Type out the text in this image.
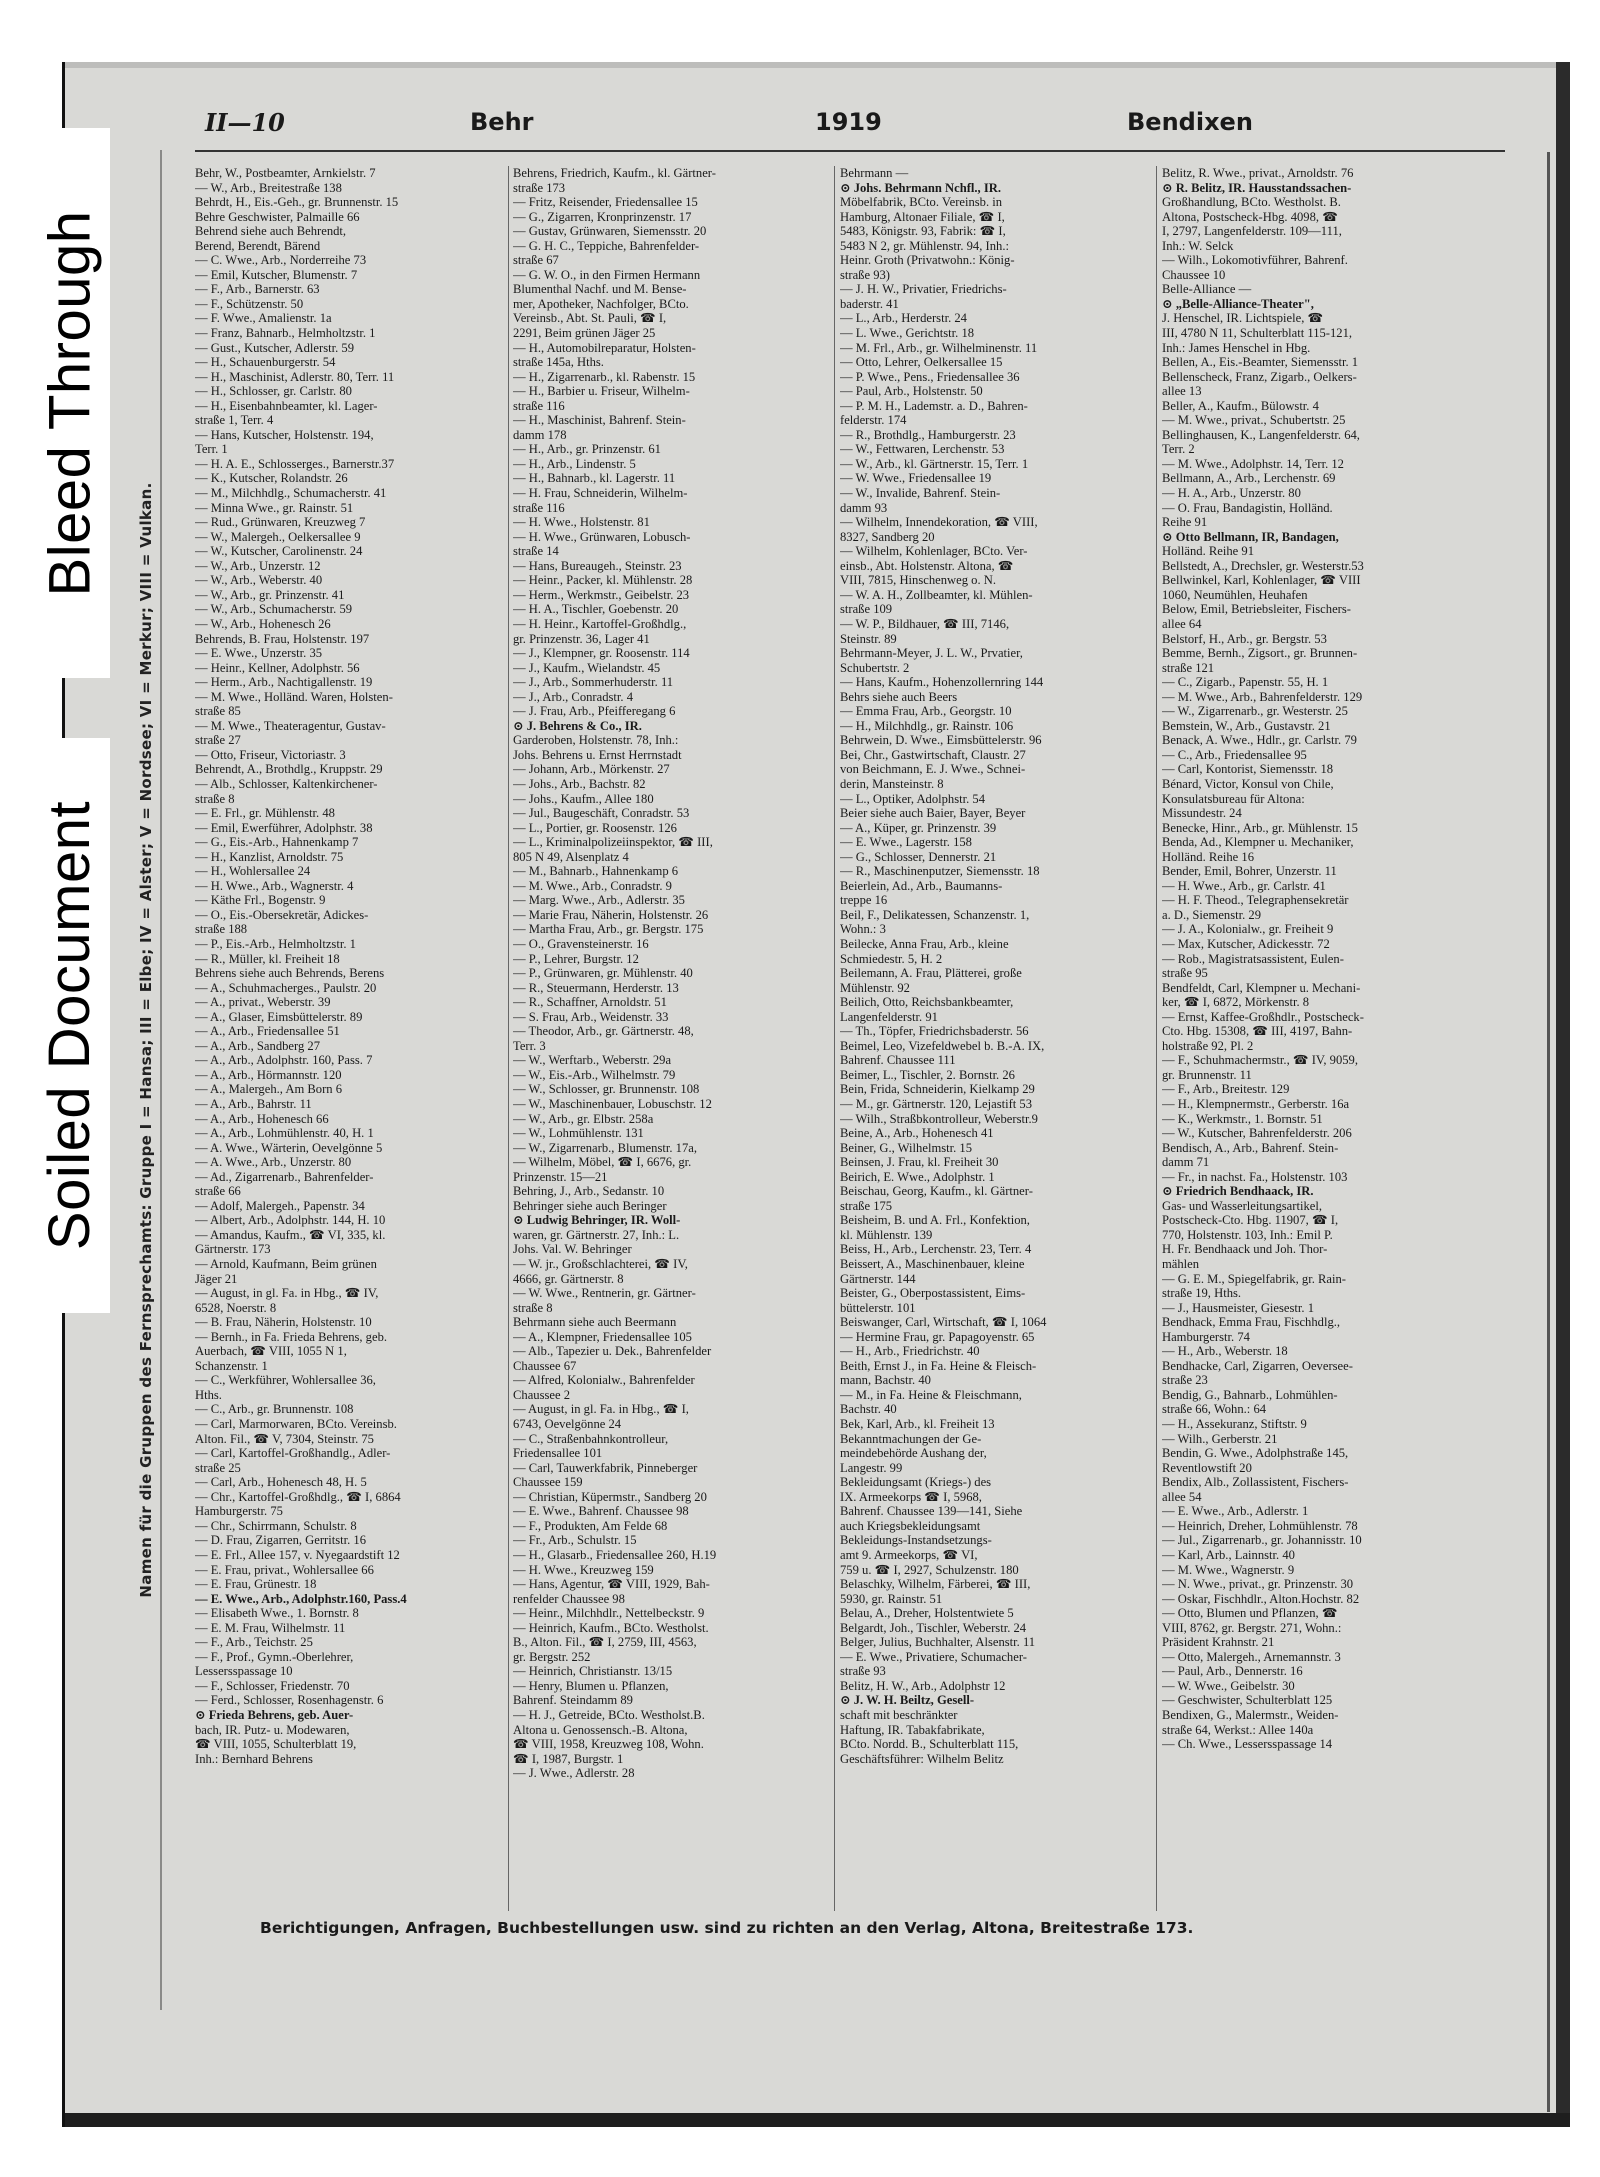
Bleed Through
Soiled Document Namen für die Gruppen des Fernsprechamts: Gruppe I = Hansa; III = Elbe; IV = Alster; V = Nordsee; VI = Merkur; VIII = Vulkan.
II—10	Behr	1919	Bendixen
Behr, W., Postbeamter, Arnkielstr. 7
— W., Arb., Breitestraße 138
Behrdt, H., Eis.-Geh., gr. Brunnenstr. 15
Behre Geschwister, Palmaille 66
Behrend siehe auch Behrendt,
Berend, Berendt, Bärend
— C. Wwe., Arb., Norderreihe 73
— Emil, Kutscher, Blumenstr. 7
— F., Arb., Barnerstr. 63
— F., Schützenstr. 50
— F. Wwe., Amalienstr. 1a
— Franz, Bahnarb., Helmholtzstr. 1
— Gust., Kutscher, Adlerstr. 59
— H., Schauenburgerstr. 54
— H., Maschinist, Adlerstr. 80, Terr. 11
— H., Schlosser, gr. Carlstr. 80
— H., Eisenbahnbeamter, kl. Lager-
straße 1, Terr. 4
— Hans, Kutscher, Holstenstr. 194,
Terr. 1
— H. A. E., Schlosserges., Barnerstr.37
— K., Kutscher, Rolandstr. 26
— M., Milchhdlg., Schumacherstr. 41
— Minna Wwe., gr. Rainstr. 51
— Rud., Grünwaren, Kreuzweg 7
— W., Malergeh., Oelkersallee 9
— W., Kutscher, Carolinenstr. 24
— W., Arb., Unzerstr. 12
— W., Arb., Weberstr. 40
— W., Arb., gr. Prinzenstr. 41
— W., Arb., Schumacherstr. 59
— W., Arb., Hohenesch 26
Behrends, B. Frau, Holstenstr. 197
— E. Wwe., Unzerstr. 35
— Heinr., Kellner, Adolphstr. 56
— Herm., Arb., Nachtigallenstr. 19
— M. Wwe., Holländ. Waren, Holsten-
straße 85
— M. Wwe., Theateragentur, Gustav-
straße 27
— Otto, Friseur, Victoriastr. 3
Behrendt, A., Brothdlg., Kruppstr. 29
— Alb., Schlosser, Kaltenkirchener-
straße 8
— E. Frl., gr. Mühlenstr. 48
— Emil, Ewerführer, Adolphstr. 38
— G., Eis.-Arb., Hahnenkamp 7
— H., Kanzlist, Arnoldstr. 75
— H., Wohlersallee 24
— H. Wwe., Arb., Wagnerstr. 4
— Käthe Frl., Bogenstr. 9
— O., Eis.-Obersekretär, Adickes-
straße 188
— P., Eis.-Arb., Helmholtzstr. 1
— R., Müller, kl. Freiheit 18
Behrens siehe auch Behrends, Berens
— A., Schuhmacherges., Paulstr. 20
— A., privat., Weberstr. 39
— A., Glaser, Eimsbüttelerstr. 89
— A., Arb., Friedensallee 51
— A., Arb., Sandberg 27
— A., Arb., Adolphstr. 160, Pass. 7
— A., Arb., Hörmannstr. 120
— A., Malergeh., Am Born 6
— A., Arb., Bahrstr. 11
— A., Arb., Hohenesch 66
— A., Arb., Lohmühlenstr. 40, H. 1
— A. Wwe., Wärterin, Oevelgönne 5
— A. Wwe., Arb., Unzerstr. 80
— Ad., Zigarrenarb., Bahrenfelder-
straße 66
— Adolf, Malergeh., Papenstr. 34
— Albert, Arb., Adolphstr. 144, H. 10
— Amandus, Kaufm., ☎ VI, 335, kl.
Gärtnerstr. 173
— Arnold, Kaufmann, Beim grünen
Jäger 21
— August, in gl. Fa. in Hbg., ☎ IV,
6528, Noerstr. 8
— B. Frau, Näherin, Holstenstr. 10
— Bernh., in Fa. Frieda Behrens, geb.
Auerbach, ☎ VIII, 1055 N 1,
Schanzenstr. 1
— C., Werkführer, Wohlersallee 36,
Hths.
— C., Arb., gr. Brunnenstr. 108
— Carl, Marmorwaren, BCto. Vereinsb.
Alton. Fil., ☎ V, 7304, Steinstr. 75
— Carl, Kartoffel-Großhandlg., Adler-
straße 25
— Carl, Arb., Hohenesch 48, H. 5
— Chr., Kartoffel-Großhdlg., ☎ I, 6864
Hamburgerstr. 75
— Chr., Schirrmann, Schulstr. 8
— D. Frau, Zigarren, Gerritstr. 16
— E. Frl., Allee 157, v. Nyegaardstift 12
— E. Frau, privat., Wohlersallee 66
— E. Frau, Grünestr. 18
— E. Wwe., Arb., Adolphstr.160, Pass.4
— Elisabeth Wwe., 1. Bornstr. 8
— E. M. Frau, Wilhelmstr. 11
— F., Arb., Teichstr. 25
— F., Prof., Gymn.-Oberlehrer,
Lessersspassage 10
— F., Schlosser, Friedenstr. 70
— Ferd., Schlosser, Rosenhagenstr. 6
⊙ Frieda Behrens, geb. Auer-
bach, IR. Putz- u. Modewaren,
☎ VIII, 1055, Schulterblatt 19,
Inh.: Bernhard Behrens
Behrens, Friedrich, Kaufm., kl. Gärtner-
straße 173
— Fritz, Reisender, Friedensallee 15
— G., Zigarren, Kronprinzenstr. 17
— Gustav, Grünwaren, Siemensstr. 20
— G. H. C., Teppiche, Bahrenfelder-
straße 67
— G. W. O., in den Firmen Hermann
Blumenthal Nachf. und M. Bense-
mer, Apotheker, Nachfolger, BCto.
Vereinsb., Abt. St. Pauli, ☎ I,
2291, Beim grünen Jäger 25
— H., Automobilreparatur, Holsten-
straße 145a, Hths.
— H., Zigarrenarb., kl. Rabenstr. 15
— H., Barbier u. Friseur, Wilhelm-
straße 116
— H., Maschinist, Bahrenf. Stein-
damm 178
— H., Arb., gr. Prinzenstr. 61
— H., Arb., Lindenstr. 5
— H., Bahnarb., kl. Lagerstr. 11
— H. Frau, Schneiderin, Wilhelm-
straße 116
— H. Wwe., Holstenstr. 81
— H. Wwe., Grünwaren, Lobusch-
straße 14
— Hans, Bureaugeh., Steinstr. 23
— Heinr., Packer, kl. Mühlenstr. 28
— Herm., Werkmstr., Geibelstr. 23
— H. A., Tischler, Goebenstr. 20
— H. Heinr., Kartoffel-Großhdlg.,
gr. Prinzenstr. 36, Lager 41
— J., Klempner, gr. Roosenstr. 114
— J., Kaufm., Wielandstr. 45
— J., Arb., Sommerhuderstr. 11
— J., Arb., Conradstr. 4
— J. Frau, Arb., Pfeifferegang 6
⊙ J. Behrens & Co., IR.
Garderoben, Holstenstr. 78, Inh.:
Johs. Behrens u. Ernst Herrnstadt
— Johann, Arb., Mörkenstr. 27
— Johs., Arb., Bachstr. 82
— Johs., Kaufm., Allee 180
— Jul., Baugeschäft, Conradstr. 53
— L., Portier, gr. Roosenstr. 126
— L., Kriminalpolizeiinspektor, ☎ III,
805 N 49, Alsenplatz 4
— M., Bahnarb., Hahnenkamp 6
— M. Wwe., Arb., Conradstr. 9
— Marg. Wwe., Arb., Adlerstr. 35
— Marie Frau, Näherin, Holstenstr. 26
— Martha Frau, Arb., gr. Bergstr. 175
— O., Gravensteinerstr. 16
— P., Lehrer, Burgstr. 12
— P., Grünwaren, gr. Mühlenstr. 40
— R., Steuermann, Herderstr. 13
— R., Schaffner, Arnoldstr. 51
— S. Frau, Arb., Weidenstr. 33
— Theodor, Arb., gr. Gärtnerstr. 48,
Terr. 3
— W., Werftarb., Weberstr. 29a
— W., Eis.-Arb., Wilhelmstr. 79
— W., Schlosser, gr. Brunnenstr. 108
— W., Maschinenbauer, Lobuschstr. 12
— W., Arb., gr. Elbstr. 258a
— W., Lohmühlenstr. 131
— W., Zigarrenarb., Blumenstr. 17a,
— Wilhelm, Möbel, ☎ I, 6676, gr.
Prinzenstr. 15—21
Behring, J., Arb., Sedanstr. 10
Behringer siehe auch Beringer
⊙ Ludwig Behringer, IR. Woll-
waren, gr. Gärtnerstr. 27, Inh.: L.
Johs. Val. W. Behringer
— W. jr., Großschlachterei, ☎ IV,
4666, gr. Gärtnerstr. 8
— W. Wwe., Rentnerin, gr. Gärtner-
straße 8
Behrmann siehe auch Beermann
— A., Klempner, Friedensallee 105
— Alb., Tapezier u. Dek., Bahrenfelder
Chaussee 67
— Alfred, Kolonialw., Bahrenfelder
Chaussee 2
— August, in gl. Fa. in Hbg., ☎ I,
6743, Oevelgönne 24
— C., Straßenbahnkontrolleur,
Friedensallee 101
— Carl, Tauwerkfabrik, Pinneberger
Chaussee 159
— Christian, Küpermstr., Sandberg 20
— E. Wwe., Bahrenf. Chaussee 98
— F., Produkten, Am Felde 68
— Fr., Arb., Schulstr. 15
— H., Glasarb., Friedensallee 260, H.19
— H. Wwe., Kreuzweg 159
— Hans, Agentur, ☎ VIII, 1929, Bah-
renfelder Chaussee 98
— Heinr., Milchhdlr., Nettelbeckstr. 9
— Heinrich, Kaufm., BCto. Westholst.
B., Alton. Fil., ☎ I, 2759, III, 4563,
gr. Bergstr. 252
— Heinrich, Christianstr. 13/15
— Henry, Blumen u. Pflanzen,
Bahrenf. Steindamm 89
— H. J., Getreide, BCto. Westholst.B.
Altona u. Genossensch.-B. Altona,
☎ VIII, 1958, Kreuzweg 108, Wohn.
☎ I, 1987, Burgstr. 1
— J. Wwe., Adlerstr. 28
Behrmann —
⊙ Johs. Behrmann Nchfl., IR.
Möbelfabrik, BCto. Vereinsb. in
Hamburg, Altonaer Filiale, ☎ I,
5483, Königstr. 93, Fabrik: ☎ I,
5483 N 2, gr. Mühlenstr. 94, Inh.:
Heinr. Groth (Privatwohn.: König-
straße 93)
— J. H. W., Privatier, Friedrichs-
baderstr. 41
— L., Arb., Herderstr. 24
— L. Wwe., Gerichtstr. 18
— M. Frl., Arb., gr. Wilhelminenstr. 11
— Otto, Lehrer, Oelkersallee 15
— P. Wwe., Pens., Friedensallee 36
— Paul, Arb., Holstenstr. 50
— P. M. H., Lademstr. a. D., Bahren-
felderstr. 174
— R., Brothdlg., Hamburgerstr. 23
— W., Fettwaren, Lerchenstr. 53
— W., Arb., kl. Gärtnerstr. 15, Terr. 1
— W. Wwe., Friedensallee 19
— W., Invalide, Bahrenf. Stein-
damm 93
— Wilhelm, Innendekoration, ☎ VIII,
8327, Sandberg 20
— Wilhelm, Kohlenlager, BCto. Ver-
einsb., Abt. Holstenstr. Altona, ☎
VIII, 7815, Hinschenweg o. N.
— W. A. H., Zollbeamter, kl. Mühlen-
straße 109
— W. P., Bildhauer, ☎ III, 7146,
Steinstr. 89
Behrmann-Meyer, J. L. W., Prvatier,
Schubertstr. 2
— Hans, Kaufm., Hohenzollernring 144
Behrs siehe auch Beers
— Emma Frau, Arb., Georgstr. 10
— H., Milchhdlg., gr. Rainstr. 106
Behrwein, D. Wwe., Eimsbüttelerstr. 96
Bei, Chr., Gastwirtschaft, Claustr. 27
von Beichmann, E. J. Wwe., Schnei-
derin, Mansteinstr. 8
— L., Optiker, Adolphstr. 54
Beier siehe auch Baier, Bayer, Beyer
— A., Küper, gr. Prinzenstr. 39
— E. Wwe., Lagerstr. 158
— G., Schlosser, Dennerstr. 21
— R., Maschinenputzer, Siemensstr. 18
Beierlein, Ad., Arb., Baumanns-
treppe 16
Beil, F., Delikatessen, Schanzenstr. 1,
Wohn.: 3
Beilecke, Anna Frau, Arb., kleine
Schmiedestr. 5, H. 2
Beilemann, A. Frau, Plätterei, große
Mühlenstr. 92
Beilich, Otto, Reichsbankbeamter,
Langenfelderstr. 91
— Th., Töpfer, Friedrichsbaderstr. 56
Beimel, Leo, Vizefeldwebel b. B.-A. IX,
Bahrenf. Chaussee 111
Beimer, L., Tischler, 2. Bornstr. 26
Bein, Frida, Schneiderin, Kielkamp 29
— M., gr. Gärtnerstr. 120, Lejastift 53
— Wilh., Straßbkontrolleur, Weberstr.9
Beine, A., Arb., Hohenesch 41
Beiner, G., Wilhelmstr. 15
Beinsen, J. Frau, kl. Freiheit 30
Beirich, E. Wwe., Adolphstr. 1
Beischau, Georg, Kaufm., kl. Gärtner-
straße 175
Beisheim, B. und A. Frl., Konfektion,
kl. Mühlenstr. 139
Beiss, H., Arb., Lerchenstr. 23, Terr. 4
Beissert, A., Maschinenbauer, kleine
Gärtnerstr. 144
Beister, G., Oberpostassistent, Eims-
büttelerstr. 101
Beiswanger, Carl, Wirtschaft, ☎ I, 1064
— Hermine Frau, gr. Papagoyenstr. 65
— H., Arb., Friedrichstr. 40
Beith, Ernst J., in Fa. Heine & Fleisch-
mann, Bachstr. 40
— M., in Fa. Heine & Fleischmann,
Bachstr. 40
Bek, Karl, Arb., kl. Freiheit 13
Bekanntmachungen der Ge-
meindebehörde Aushang der,
Langestr. 99
Bekleidungsamt (Kriegs-) des
IX. Armeekorps ☎ I, 5968,
Bahrenf. Chaussee 139—141, Siehe
auch Kriegsbekleidungsamt
Bekleidungs-Instandsetzungs-
amt 9. Armeekorps, ☎ VI,
759 u. ☎ I, 2927, Schulzenstr. 180
Belaschky, Wilhelm, Färberei, ☎ III,
5930, gr. Rainstr. 51
Belau, A., Dreher, Holstentwiete 5
Belgardt, Joh., Tischler, Weberstr. 24
Belger, Julius, Buchhalter, Alsenstr. 11
— E. Wwe., Privatiere, Schumacher-
straße 93
Belitz, H. W., Arb., Adolphstr 12
⊙ J. W. H. Beiltz, Gesell-
schaft mit beschränkter
Haftung, IR. Tabakfabrikate,
BCto. Nordd. B., Schulterblatt 115,
Geschäftsführer: Wilhelm Belitz
Belitz, R. Wwe., privat., Arnoldstr. 76
⊙ R. Belitz, IR. Hausstandssachen-
Großhandlung, BCto. Westholst. B.
Altona, Postscheck-Hbg. 4098, ☎
I, 2797, Langenfelderstr. 109—111,
Inh.: W. Selck
— Wilh., Lokomotivführer, Bahrenf.
Chaussee 10
Belle-Alliance —
⊙ „Belle-Alliance-Theater",
J. Henschel, IR. Lichtspiele, ☎
III, 4780 N 11, Schulterblatt 115-121,
Inh.: James Henschel in Hbg.
Bellen, A., Eis.-Beamter, Siemensstr. 1
Bellenscheck, Franz, Zigarb., Oelkers-
allee 13
Beller, A., Kaufm., Bülowstr. 4
— M. Wwe., privat., Schubertstr. 25
Bellinghausen, K., Langenfelderstr. 64,
Terr. 2
— M. Wwe., Adolphstr. 14, Terr. 12
Bellmann, A., Arb., Lerchenstr. 69
— H. A., Arb., Unzerstr. 80
— O. Frau, Bandagistin, Holländ.
Reihe 91
⊙ Otto Bellmann, IR, Bandagen,
Holländ. Reihe 91
Bellstedt, A., Drechsler, gr. Westerstr.53
Bellwinkel, Karl, Kohlenlager, ☎ VIII
1060, Neumühlen, Heuhafen
Below, Emil, Betriebsleiter, Fischers-
allee 64
Belstorf, H., Arb., gr. Bergstr. 53
Bemme, Bernh., Zigsort., gr. Brunnen-
straße 121
— C., Zigarb., Papenstr. 55, H. 1
— M. Wwe., Arb., Bahrenfelderstr. 129
— W., Zigarrenarb., gr. Westerstr. 25
Bemstein, W., Arb., Gustavstr. 21
Benack, A. Wwe., Hdlr., gr. Carlstr. 79
— C., Arb., Friedensallee 95
— Carl, Kontorist, Siemensstr. 18
Bénard, Victor, Konsul von Chile,
Konsulatsbureau für Altona:
Missundestr. 24
Benecke, Hinr., Arb., gr. Mühlenstr. 15
Benda, Ad., Klempner u. Mechaniker,
Holländ. Reihe 16
Bender, Emil, Bohrer, Unzerstr. 11
— H. Wwe., Arb., gr. Carlstr. 41
— H. F. Theod., Telegraphensekretär
a. D., Siemenstr. 29
— J. A., Kolonialw., gr. Freiheit 9
— Max, Kutscher, Adickesstr. 72
— Rob., Magistratsassistent, Eulen-
straße 95
Bendfeldt, Carl, Klempner u. Mechani-
ker, ☎ I, 6872, Mörkenstr. 8
— Ernst, Kaffee-Großhdlr., Postscheck-
Cto. Hbg. 15308, ☎ III, 4197, Bahn-
holstraße 92, Pl. 2
— F., Schuhmachermstr., ☎ IV, 9059,
gr. Brunnenstr. 11
— F., Arb., Breitestr. 129
— H., Klempnermstr., Gerberstr. 16a
— K., Werkmstr., 1. Bornstr. 51
— W., Kutscher, Bahrenfelderstr. 206
Bendisch, A., Arb., Bahrenf. Stein-
damm 71
— Fr., in nachst. Fa., Holstenstr. 103
⊙ Friedrich Bendhaack, IR.
Gas- und Wasserleitungsartikel,
Postscheck-Cto. Hbg. 11907, ☎ I,
770, Holstenstr. 103, Inh.: Emil P.
H. Fr. Bendhaack und Joh. Thor-
mählen
— G. E. M., Spiegelfabrik, gr. Rain-
straße 19, Hths.
— J., Hausmeister, Giesestr. 1
Bendhack, Emma Frau, Fischhdlg.,
Hamburgerstr. 74
— H., Arb., Weberstr. 18
Bendhacke, Carl, Zigarren, Oeversee-
straße 23
Bendig, G., Bahnarb., Lohmühlen-
straße 66, Wohn.: 64
— H., Assekuranz, Stiftstr. 9
— Wilh., Gerberstr. 21
Bendin, G. Wwe., Adolphstraße 145,
Reventlowstift 20
Bendix, Alb., Zollassistent, Fischers-
allee 54
— E. Wwe., Arb., Adlerstr. 1
— Heinrich, Dreher, Lohmühlenstr. 78
— Jul., Zigarrenarb., gr. Johannisstr. 10
— Karl, Arb., Lainnstr. 40
— M. Wwe., Wagnerstr. 9
— N. Wwe., privat., gr. Prinzenstr. 30
— Oskar, Fischhdlr., Alton.Hochstr. 82
— Otto, Blumen und Pflanzen, ☎
VIII, 8762, gr. Bergstr. 271, Wohn.:
Präsident Krahnstr. 21
— Otto, Malergeh., Arnemannstr. 3
— Paul, Arb., Dennerstr. 16
— W. Wwe., Geibelstr. 30
— Geschwister, Schulterblatt 125
Bendixen, G., Malermstr., Weiden-
straße 64, Werkst.: Allee 140a
— Ch. Wwe., Lessersspassage 14
Berichtigungen, Anfragen, Buchbestellungen usw. sind zu richten an den Verlag, Altona, Breitestraße 173.
